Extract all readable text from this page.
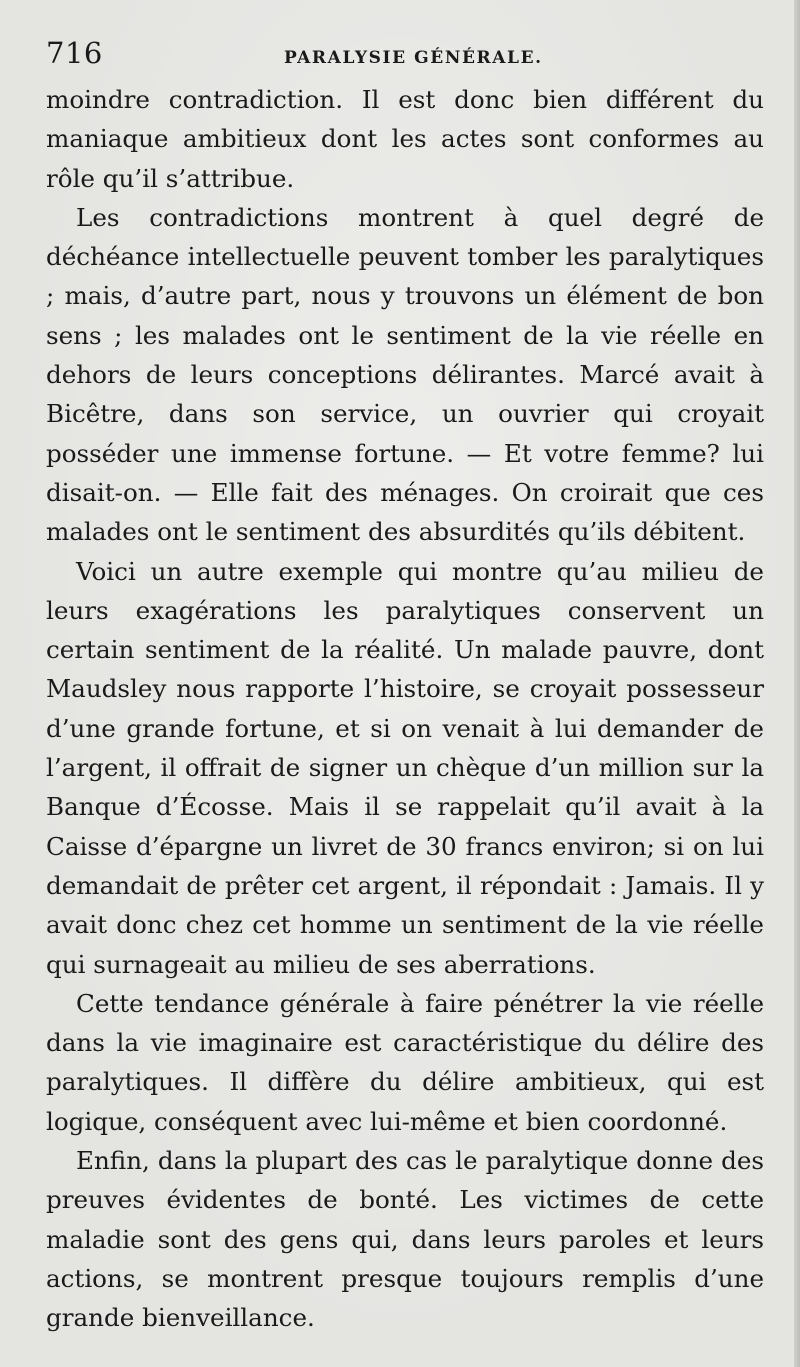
716	PARALYSIE GÉNÉRALE.

moindre contradiction. Il est donc bien différent du maniaque ambitieux dont les actes sont conformes au rôle qu’il s’attribue.

Les contradictions montrent à quel degré de déchéance intellectuelle peuvent tomber les paralytiques ; mais, d’autre part, nous y trouvons un élément de bon sens ; les malades ont le sentiment de la vie réelle en dehors de leurs conceptions délirantes. Marcé avait à Bicêtre, dans son service, un ouvrier qui croyait posséder une immense fortune. — Et votre femme? lui disait-on. — Elle fait des ménages. On croirait que ces malades ont le sentiment des absurdités qu’ils débitent.

Voici un autre exemple qui montre qu’au milieu de leurs exagérations les paralytiques conservent un certain sentiment de la réalité. Un malade pauvre, dont Maudsley nous rapporte l’histoire, se croyait possesseur d’une grande fortune, et si on venait à lui demander de l’argent, il offrait de signer un chèque d’un million sur la Banque d’Écosse. Mais il se rappelait qu’il avait à la Caisse d’épargne un livret de 30 francs environ; si on lui demandait de prêter cet argent, il répondait : Jamais. Il y avait donc chez cet homme un sentiment de la vie réelle qui surnageait au milieu de ses aberrations.

Cette tendance générale à faire pénétrer la vie réelle dans la vie imaginaire est caractéristique du délire des paralytiques. Il diffère du délire ambitieux, qui est logique, conséquent avec lui-même et bien coordonné.

Enfin, dans la plupart des cas le paralytique donne des preuves évidentes de bonté. Les victimes de cette maladie sont des gens qui, dans leurs paroles et leurs actions, se montrent presque toujours remplis d’une grande bienveillance.
